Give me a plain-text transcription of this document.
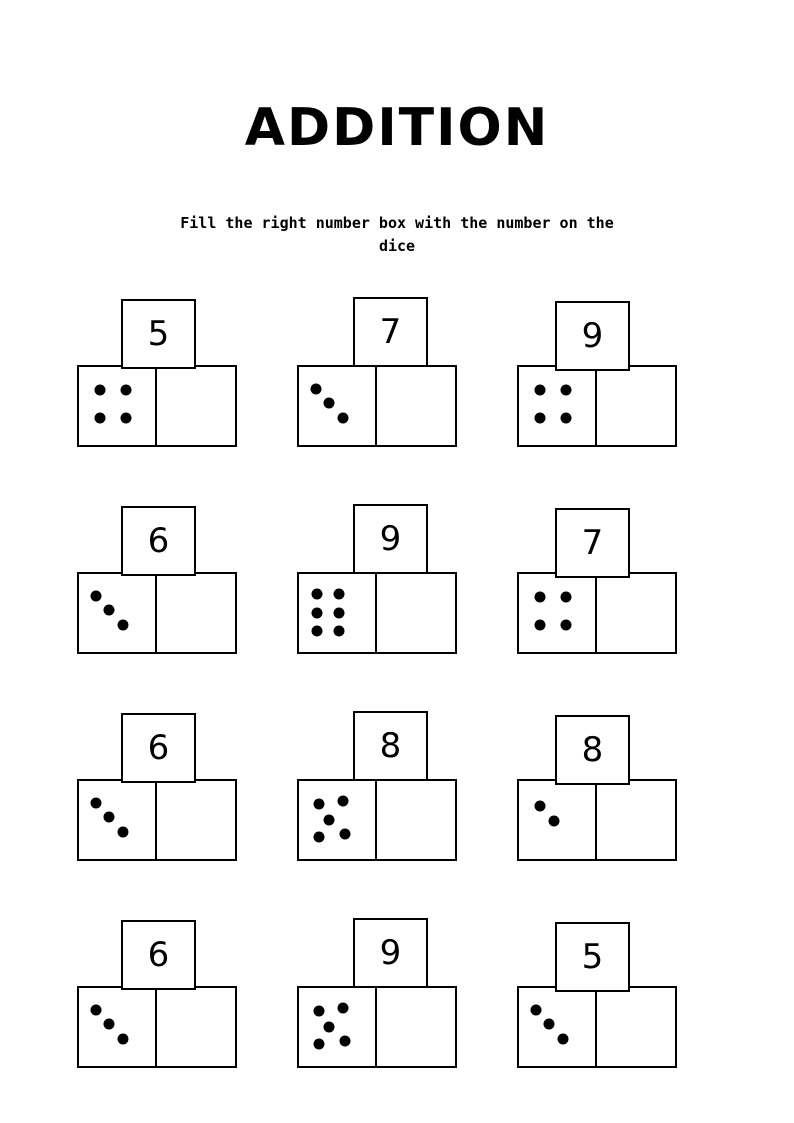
ADDITION

Fill the right number box with the number on the dice

5	7	9
6	9	7
6	8	8
6	9	5
